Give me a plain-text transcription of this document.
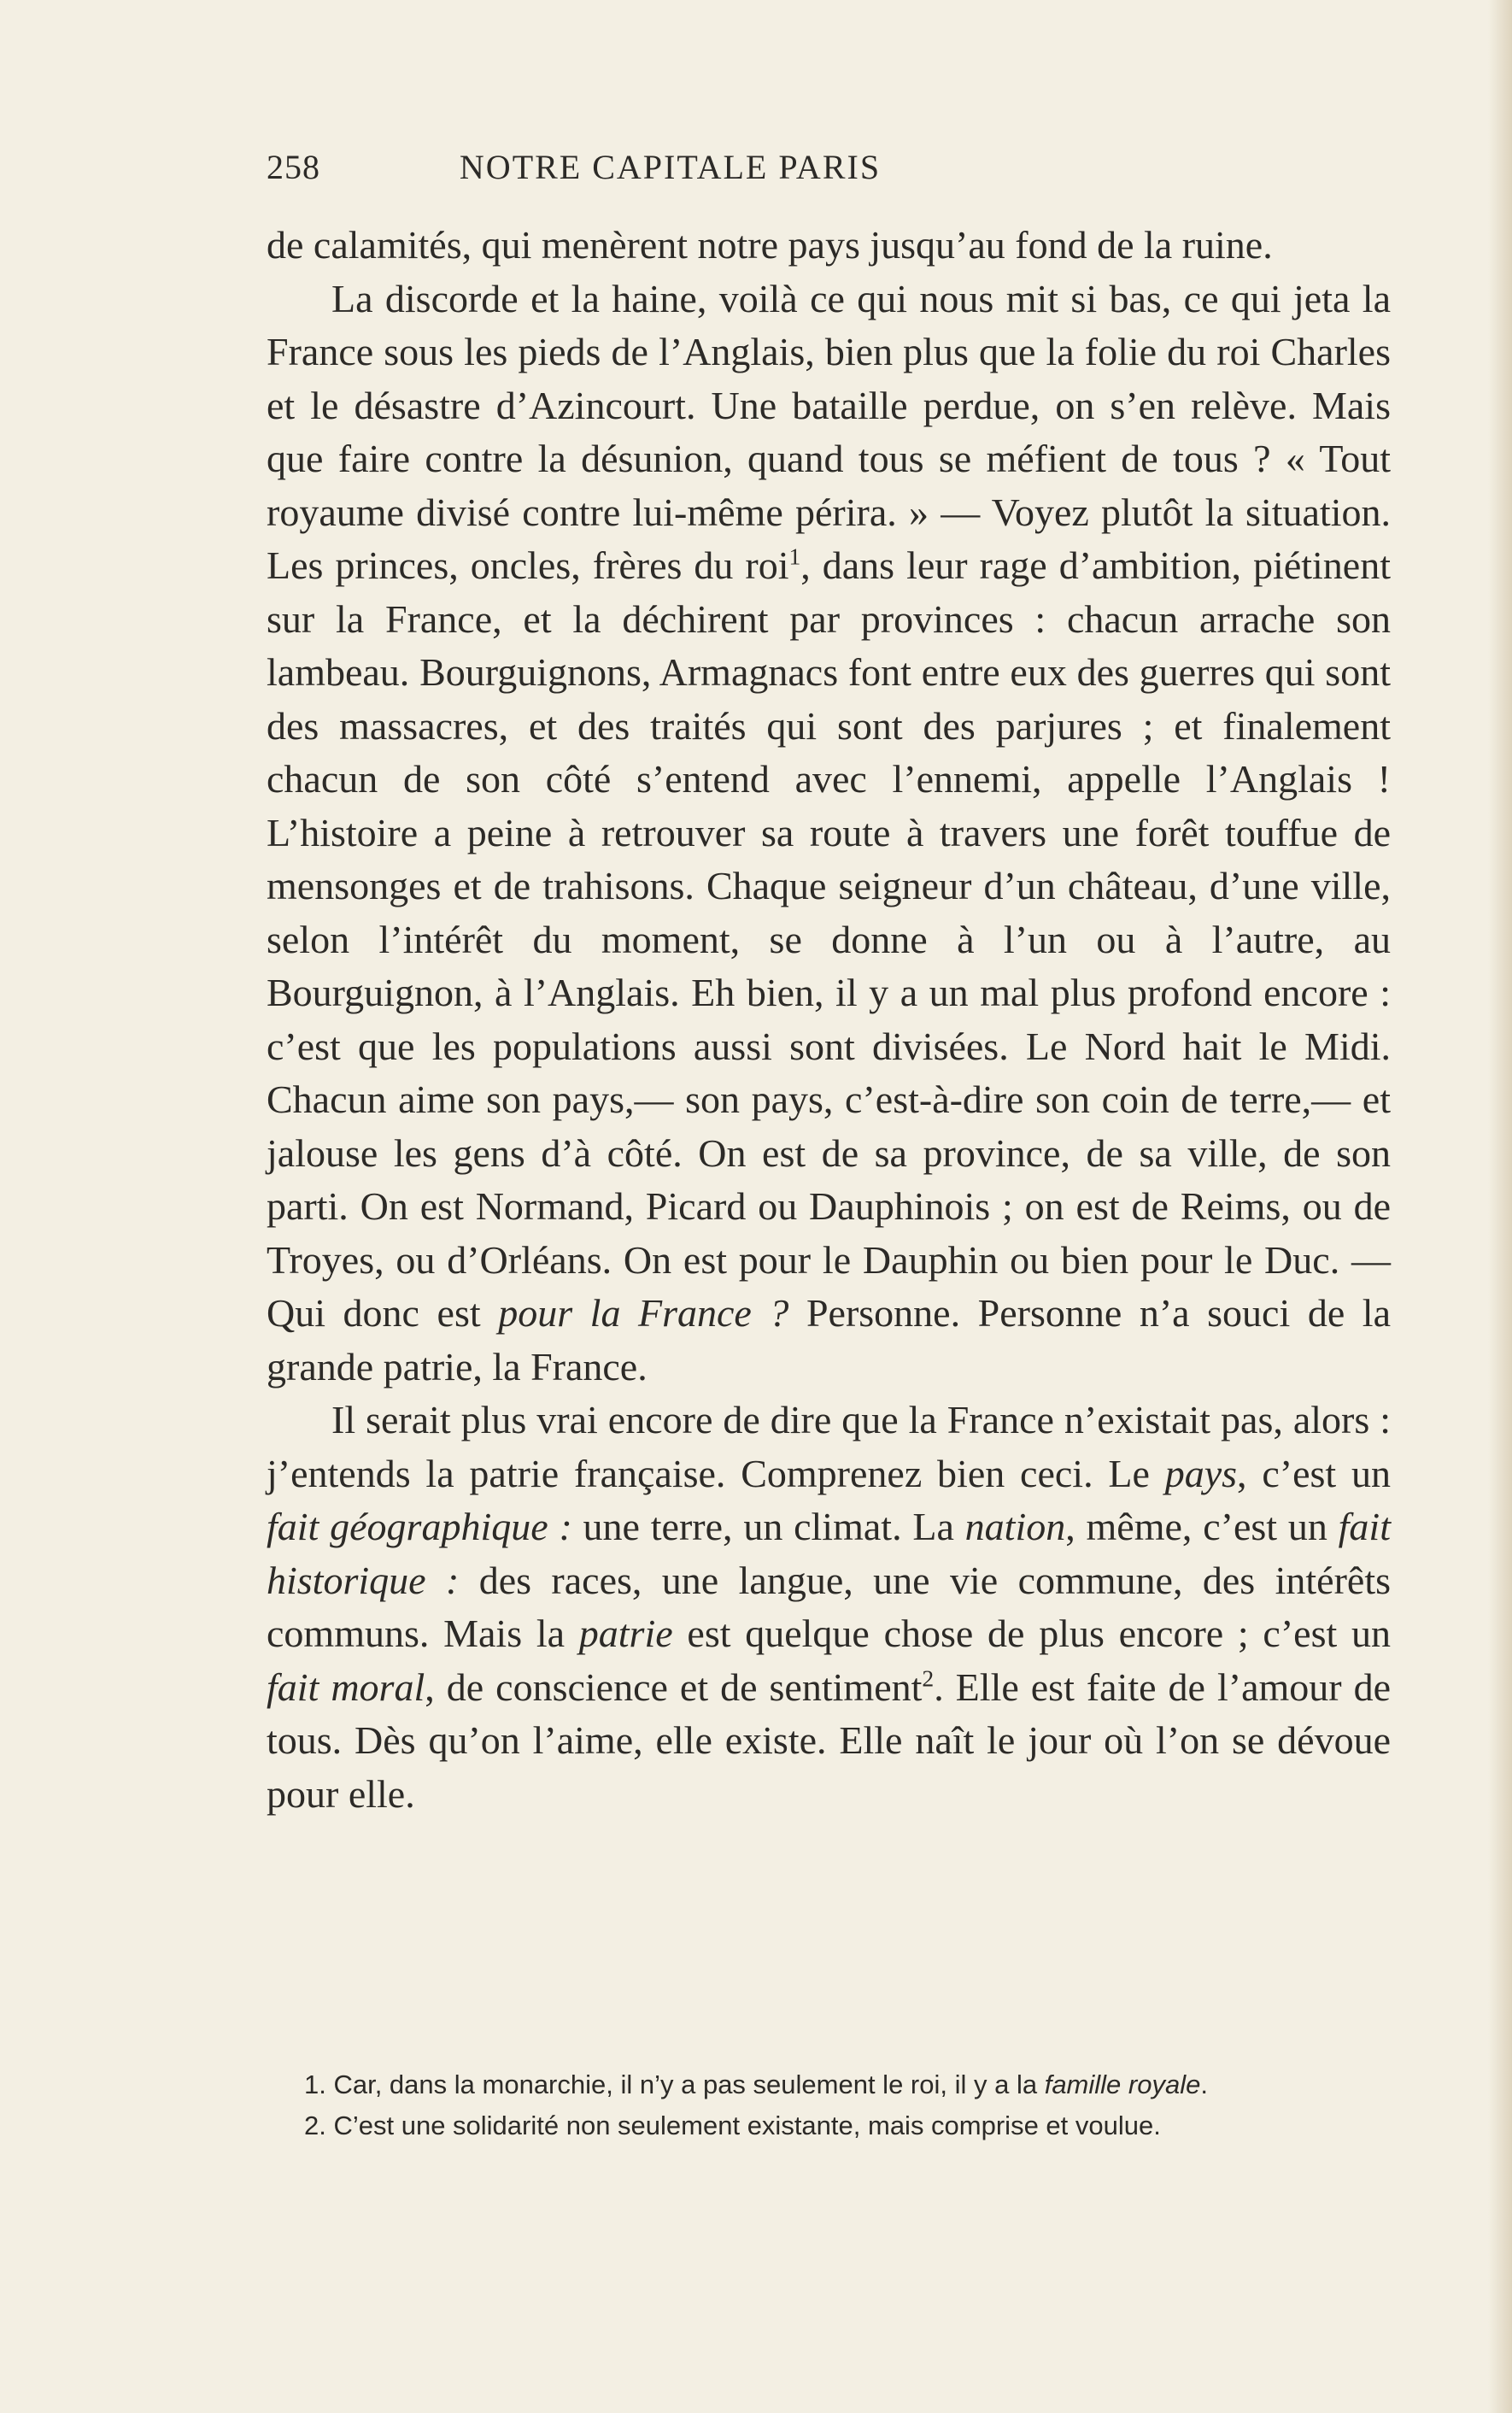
258	NOTRE CAPITALE PARIS

de calamités, qui menèrent notre pays jusqu’au fond de la ruine.

La discorde et la haine, voilà ce qui nous mit si bas, ce qui jeta la France sous les pieds de l’Anglais, bien plus que la folie du roi Charles et le désastre d’Azincourt. Une bataille perdue, on s’en relève. Mais que faire contre la désunion, quand tous se méfient de tous ? « Tout royaume divisé contre lui-même périra. » — Voyez plutôt la situation. Les princes, oncles, frères du roi$^1$, dans leur rage d’ambition, piétinent sur la France, et la déchirent par provinces : chacun arrache son lambeau. Bourguignons, Armagnacs font entre eux des guerres qui sont des massacres, et des traités qui sont des parjures ; et finalement chacun de son côté s’entend avec l’ennemi, appelle l’Anglais ! L’histoire a peine à retrouver sa route à travers une forêt touffue de mensonges et de trahisons. Chaque seigneur d’un château, d’une ville, selon l’intérêt du moment, se donne à l’un ou à l’autre, au Bourguignon, à l’Anglais. Eh bien, il y a un mal plus profond encore : c’est que les populations aussi sont divisées. Le Nord hait le Midi. Chacun aime son pays,— son pays, c’est-à-dire son coin de terre,— et jalouse les gens d’à côté. On est de sa province, de sa ville, de son parti. On est Normand, Picard ou Dauphinois ; on est de Reims, ou de Troyes, ou d’Orléans. On est pour le Dauphin ou bien pour le Duc. — Qui donc est pour la France ? Personne. Personne n’a souci de la grande patrie, la France.

Il serait plus vrai encore de dire que la France n’existait pas, alors : j’entends la patrie française. Comprenez bien ceci. Le pays, c’est un fait géographique : une terre, un climat. La nation, même, c’est un fait historique : des races, une langue, une vie commune, des intérêts communs. Mais la patrie est quelque chose de plus encore ; c’est un fait moral, de conscience et de sentiment$^2$. Elle est faite de l’amour de tous. Dès qu’on l’aime, elle existe. Elle naît le jour où l’on se dévoue pour elle.

1. Car, dans la monarchie, il n’y a pas seulement le roi, il y a la famille royale.

2. C’est une solidarité non seulement existante, mais comprise et voulue.
